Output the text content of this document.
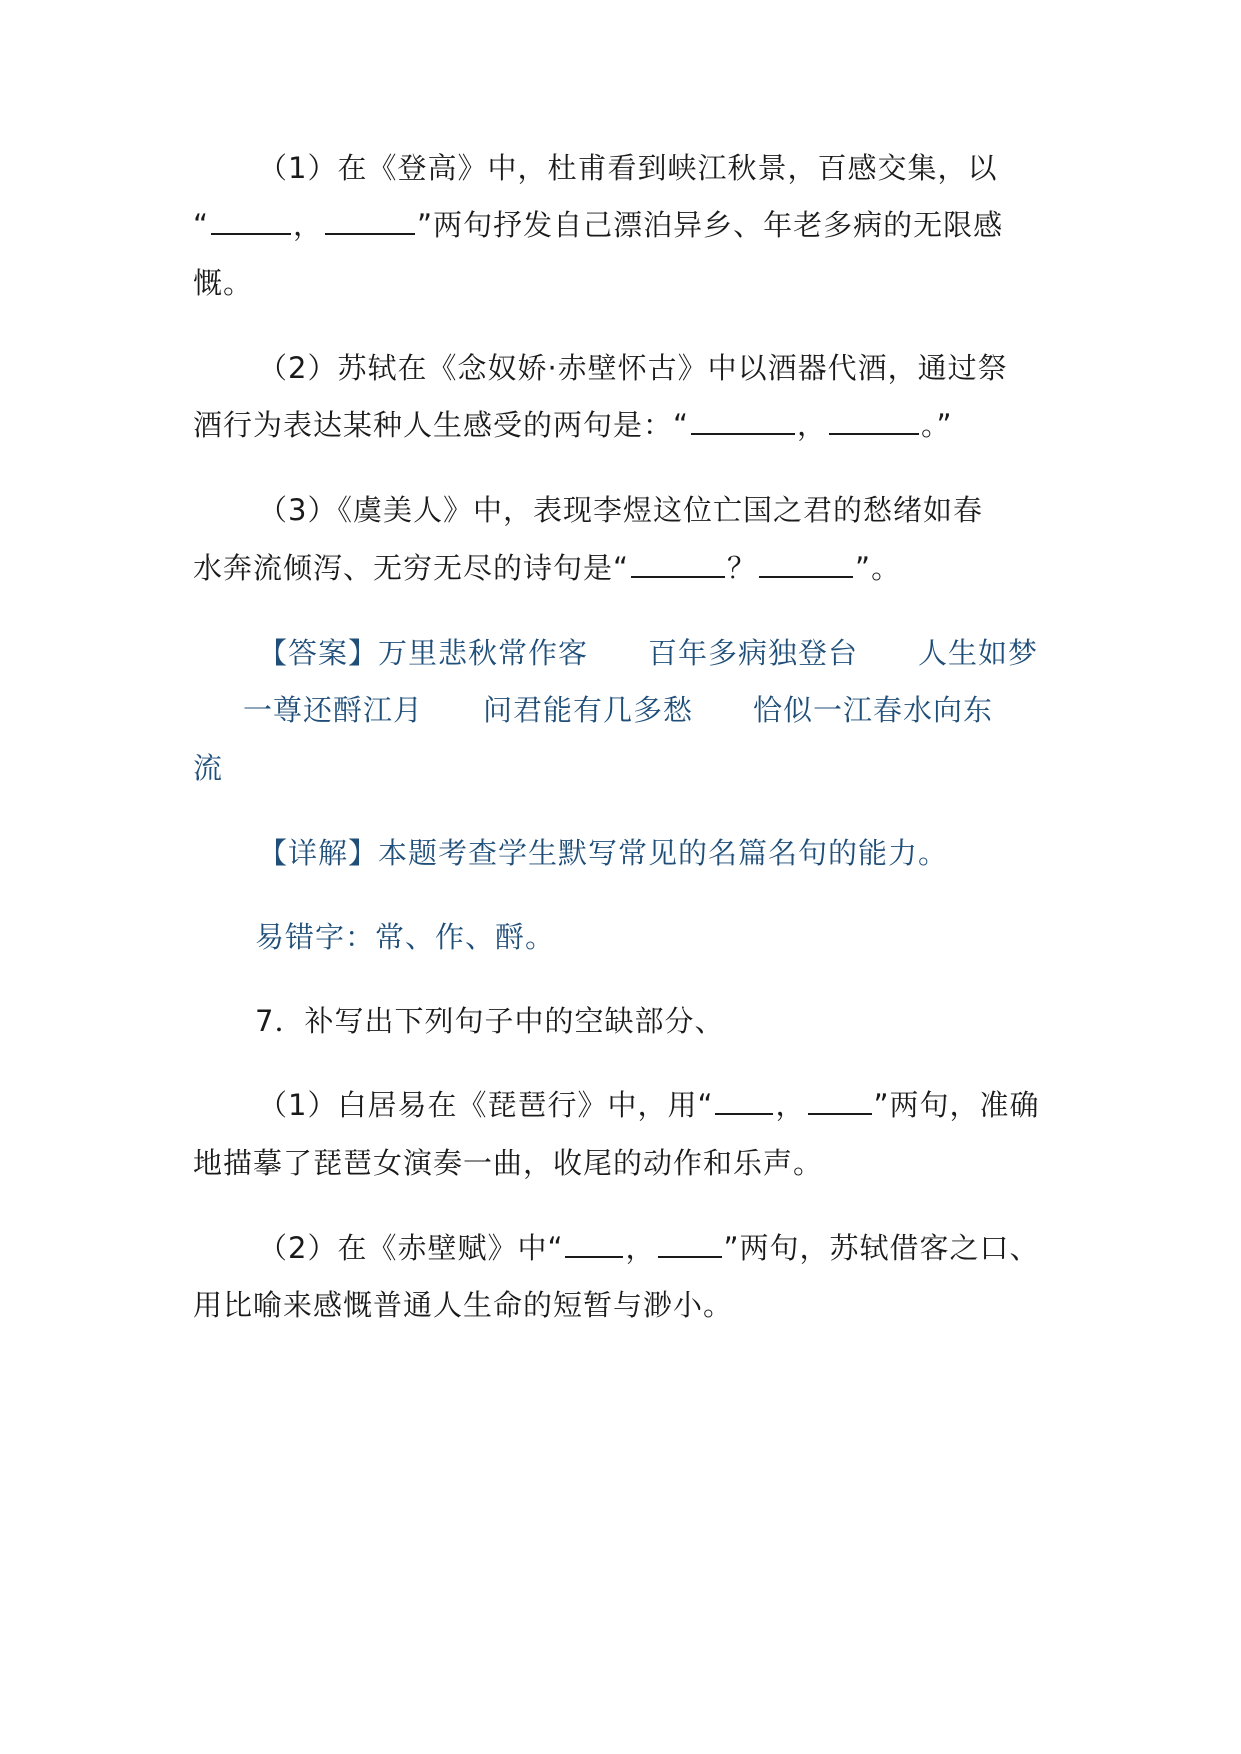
（1）在《登高》中，杜甫看到峡江秋景，百感交集，以
“	，	”两句抒发自己漂泊异乡、年老多病的无限感
慨。
（2）苏轼在《念奴娇·赤壁怀古》中以酒器代酒，通过祭
酒行为表达某种人生感受的两句是：“	，	。”
（3）《虞美人》中，表现李煜这位亡国之君的愁绪如春
水奔流倾泻、无穷无尽的诗句是“	？	”。
【答案】万里悲秋常作客　　百年多病独登台　　人生如梦
　一尊还酹江月　　问君能有几多愁　　恰似一江春水向东
流
【详解】本题考查学生默写常见的名篇名句的能力。
易错字：常、作、酹。
7．补写出下列句子中的空缺部分、
（1）白居易在《琵琶行》中，用“ ， ”两句，准确
地描摹了琵琶女演奏一曲，收尾的动作和乐声。
（2）在《赤壁赋》中“ ， ”两句，苏轼借客之口、
用比喻来感慨普通人生命的短暂与渺小。
